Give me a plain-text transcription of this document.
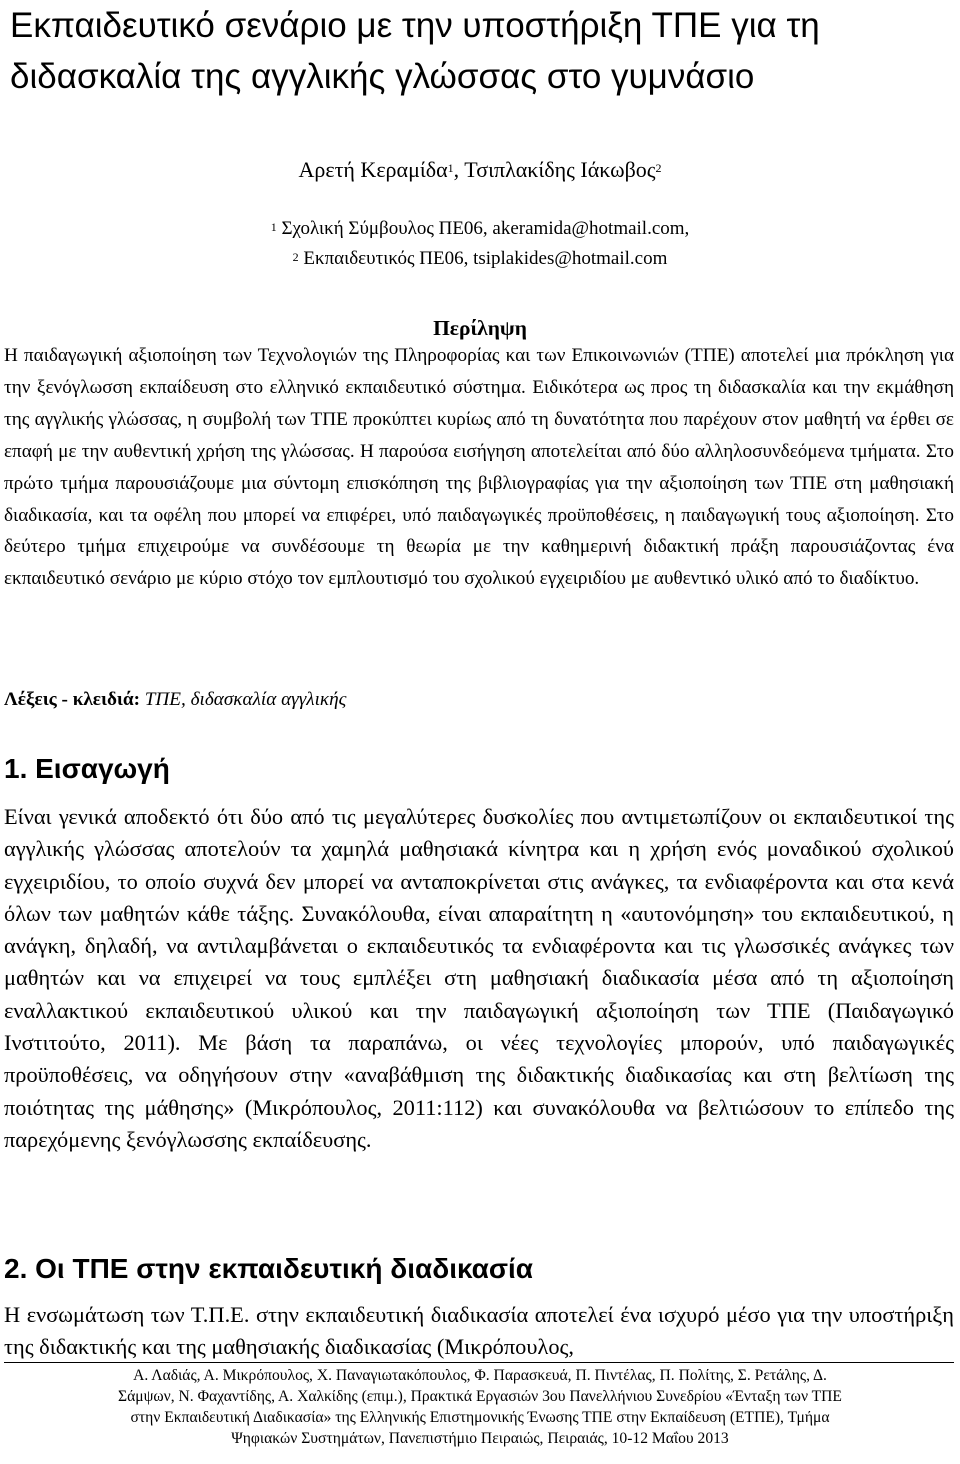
Εκπαιδευτικό σενάριο με την υποστήριξη ΤΠΕ για τη διδασκαλία της αγγλικής γλώσσας στο γυμνάσιο
Αρετή Κεραμίδα$^1$, Τσιπλακίδης Ιάκωβος$^2$
$^1$ Σχολική Σύμβουλος ΠΕ06, akeramida@hotmail.com,
$^2$ Εκπαιδευτικός ΠΕ06, tsiplakides@hotmail.com
Περίληψη

Η παιδαγωγική αξιοποίηση των Τεχνολογιών της Πληροφορίας και των Επικοινωνιών (ΤΠΕ) αποτελεί μια πρόκληση για την ξενόγλωσση εκπαίδευση στο ελληνικό εκπαιδευτικό σύστημα. Ειδικότερα ως προς τη διδασκαλία και την εκμάθηση της αγγλικής γλώσσας, η συμβολή των ΤΠΕ προκύπτει κυρίως από τη δυνατότητα που παρέχουν στον μαθητή να έρθει σε επαφή με την αυθεντική χρήση της γλώσσας. Η παρούσα εισήγηση αποτελείται από δύο αλληλοσυνδεόμενα τμήματα. Στο πρώτο τμήμα παρουσιάζουμε μια σύντομη επισκόπηση της βιβλιογραφίας για την αξιοποίηση των ΤΠΕ στη μαθησιακή διαδικασία, και τα οφέλη που μπορεί να επιφέρει, υπό παιδαγωγικές προϋποθέσεις, η παιδαγωγική τους αξιοποίηση. Στο δεύτερο τμήμα επιχειρούμε να συνδέσουμε τη θεωρία με την καθημερινή διδακτική πράξη παρουσιάζοντας ένα εκπαιδευτικό σενάριο με κύριο στόχο τον εμπλουτισμό του σχολικού εγχειριδίου με αυθεντικό υλικό από το διαδίκτυο.

Λέξεις - κλειδιά: ΤΠΕ, διδασκαλία αγγλικής

1. Εισαγωγή

Είναι γενικά αποδεκτό ότι δύο από τις μεγαλύτερες δυσκολίες που αντιμετωπίζουν οι εκπαιδευτικοί της αγγλικής γλώσσας αποτελούν τα χαμηλά μαθησιακά κίνητρα και η χρήση ενός μοναδικού σχολικού εγχειριδίου, το οποίο συχνά δεν μπορεί να ανταποκρίνεται στις ανάγκες, τα ενδιαφέροντα και στα κενά όλων των μαθητών κάθε τάξης. Συνακόλουθα, είναι απαραίτητη η «αυτονόμηση» του εκπαιδευτικού, η ανάγκη, δηλαδή, να αντιλαμβάνεται ο εκπαιδευτικός τα ενδιαφέροντα και τις γλωσσικές ανάγκες των μαθητών και να επιχειρεί να τους εμπλέξει στη μαθησιακή διαδικασία μέσα από τη αξιοποίηση εναλλακτικού εκπαιδευτικού υλικού και την παιδαγωγική αξιοποίηση των ΤΠΕ (Παιδαγωγικό Ινστιτούτο, 2011). Με βάση τα παραπάνω, οι νέες τεχνολογίες μπορούν, υπό παιδαγωγικές προϋποθέσεις, να οδηγήσουν στην «αναβάθμιση της διδακτικής διαδικασίας και στη βελτίωση της ποιότητας της μάθησης» (Μικρόπουλος, 2011:112) και συνακόλουθα να βελτιώσουν το επίπεδο της παρεχόμενης ξενόγλωσσης εκπαίδευσης.

2. Οι ΤΠΕ στην εκπαιδευτική διαδικασία

Η ενσωμάτωση των Τ.Π.Ε. στην εκπαιδευτική διαδικασία αποτελεί ένα ισχυρό μέσο για την υποστήριξη της διδακτικής και της μαθησιακής διαδικασίας (Μικρόπουλος,

Α. Λαδιάς, Α. Μικρόπουλος, Χ. Παναγιωτακόπουλος, Φ. Παρασκευά, Π. Πιντέλας, Π. Πολίτης, Σ. Ρετάλης, Δ.
Σάμψων, Ν. Φαχαντίδης, Α. Χαλκίδης (επιμ.), Πρακτικά Εργασιών 3ου Πανελλήνιου Συνεδρίου «Ένταξη των ΤΠΕ
στην Εκπαιδευτική Διαδικασία» της Ελληνικής Επιστημονικής Ένωσης ΤΠΕ στην Εκπαίδευση (ΕΤΠΕ), Τμήμα
Ψηφιακών Συστημάτων, Πανεπιστήμιο Πειραιώς, Πειραιάς, 10-12 Μαΐου 2013
